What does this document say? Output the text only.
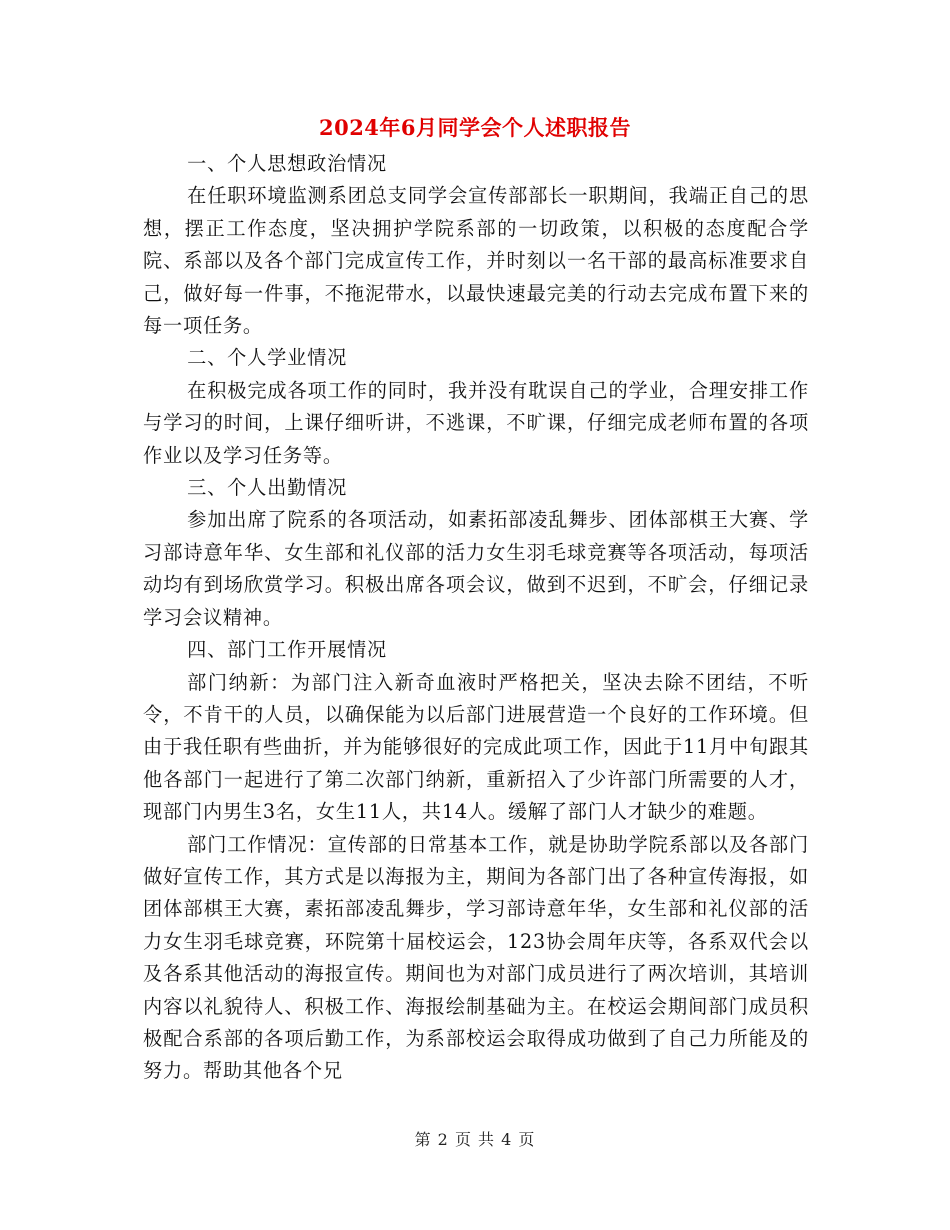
2024年6月同学会个人述职报告

一、个人思想政治情况

在任职环境监测系团总支同学会宣传部部长一职期间，我端正自己的思想，摆正工作态度，坚决拥护学院系部的一切政策，以积极的态度配合学院、系部以及各个部门完成宣传工作，并时刻以一名干部的最高标准要求自己，做好每一件事，不拖泥带水，以最快速最完美的行动去完成布置下来的每一项任务。

二、个人学业情况

在积极完成各项工作的同时，我并没有耽误自己的学业，合理安排工作与学习的时间，上课仔细听讲，不逃课，不旷课，仔细完成老师布置的各项作业以及学习任务等。

三、个人出勤情况

参加出席了院系的各项活动，如素拓部凌乱舞步、团体部棋王大赛、学习部诗意年华、女生部和礼仪部的活力女生羽毛球竞赛等各项活动，每项活动均有到场欣赏学习。积极出席各项会议，做到不迟到，不旷会，仔细记录学习会议精神。

四、部门工作开展情况

部门纳新：为部门注入新奇血液时严格把关，坚决去除不团结，不听令，不肯干的人员，以确保能为以后部门进展营造一个良好的工作环境。但由于我任职有些曲折，并为能够很好的完成此项工作，因此于11月中旬跟其他各部门一起进行了第二次部门纳新，重新招入了少许部门所需要的人才，现部门内男生3名，女生11人，共14人。缓解了部门人才缺少的难题。

部门工作情况：宣传部的日常基本工作，就是协助学院系部以及各部门做好宣传工作，其方式是以海报为主，期间为各部门出了各种宣传海报，如团体部棋王大赛，素拓部凌乱舞步，学习部诗意年华，女生部和礼仪部的活力女生羽毛球竞赛，环院第十届校运会，123协会周年庆等，各系双代会以及各系其他活动的海报宣传。期间也为对部门成员进行了两次培训，其培训内容以礼貌待人、积极工作、海报绘制基础为主。在校运会期间部门成员积极配合系部的各项后勤工作，为系部校运会取得成功做到了自己力所能及的努力。帮助其他各个兄

第 2 页 共 4 页
